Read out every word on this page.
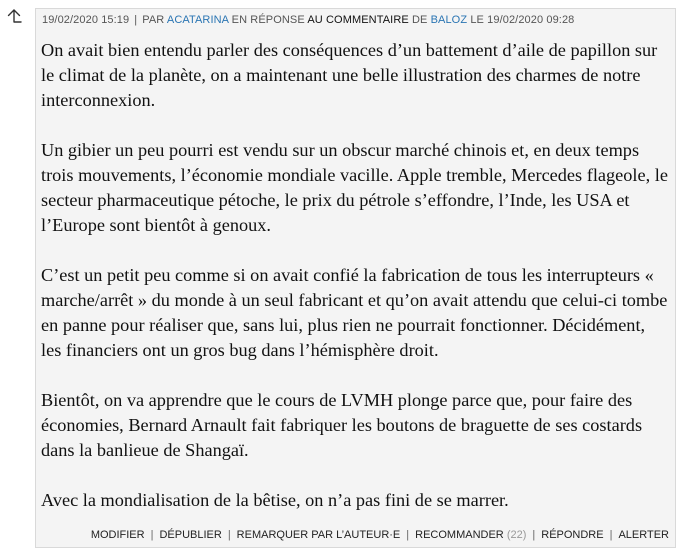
19/02/2020 15:19 | PAR ACATARINA EN RÉPONSE AU COMMENTAIRE DE BALOZ LE 19/02/2020 09:28

On avait bien entendu parler des conséquences d’un battement d’aile de papillon sur le climat de la planète, on a maintenant une belle illustration des charmes de notre interconnexion.

Un gibier un peu pourri est vendu sur un obscur marché chinois et, en deux temps trois mouvements, l’économie mondiale vacille. Apple tremble, Mercedes flageole, le secteur pharmaceutique pétoche, le prix du pétrole s’effondre, l’Inde, les USA et l’Europe sont bientôt à genoux.

C’est un petit peu comme si on avait confié la fabrication de tous les interrupteurs « marche/arrêt » du monde à un seul fabricant et qu’on avait attendu que celui-ci tombe en panne pour réaliser que, sans lui, plus rien ne pourrait fonctionner. Décidément, les financiers ont un gros bug dans l’hémisphère droit.

Bientôt, on va apprendre que le cours de LVMH plonge parce que, pour faire des économies, Bernard Arnault fait fabriquer les boutons de braguette de ses costards dans la banlieue de Shangaï.

Avec la mondialisation de la bêtise, on n’a pas fini de se marrer.

MODIFIER | DÉPUBLIER | REMARQUER PAR L’AUTEUR·E | RECOMMANDER (22) | RÉPONDRE | ALERTER
